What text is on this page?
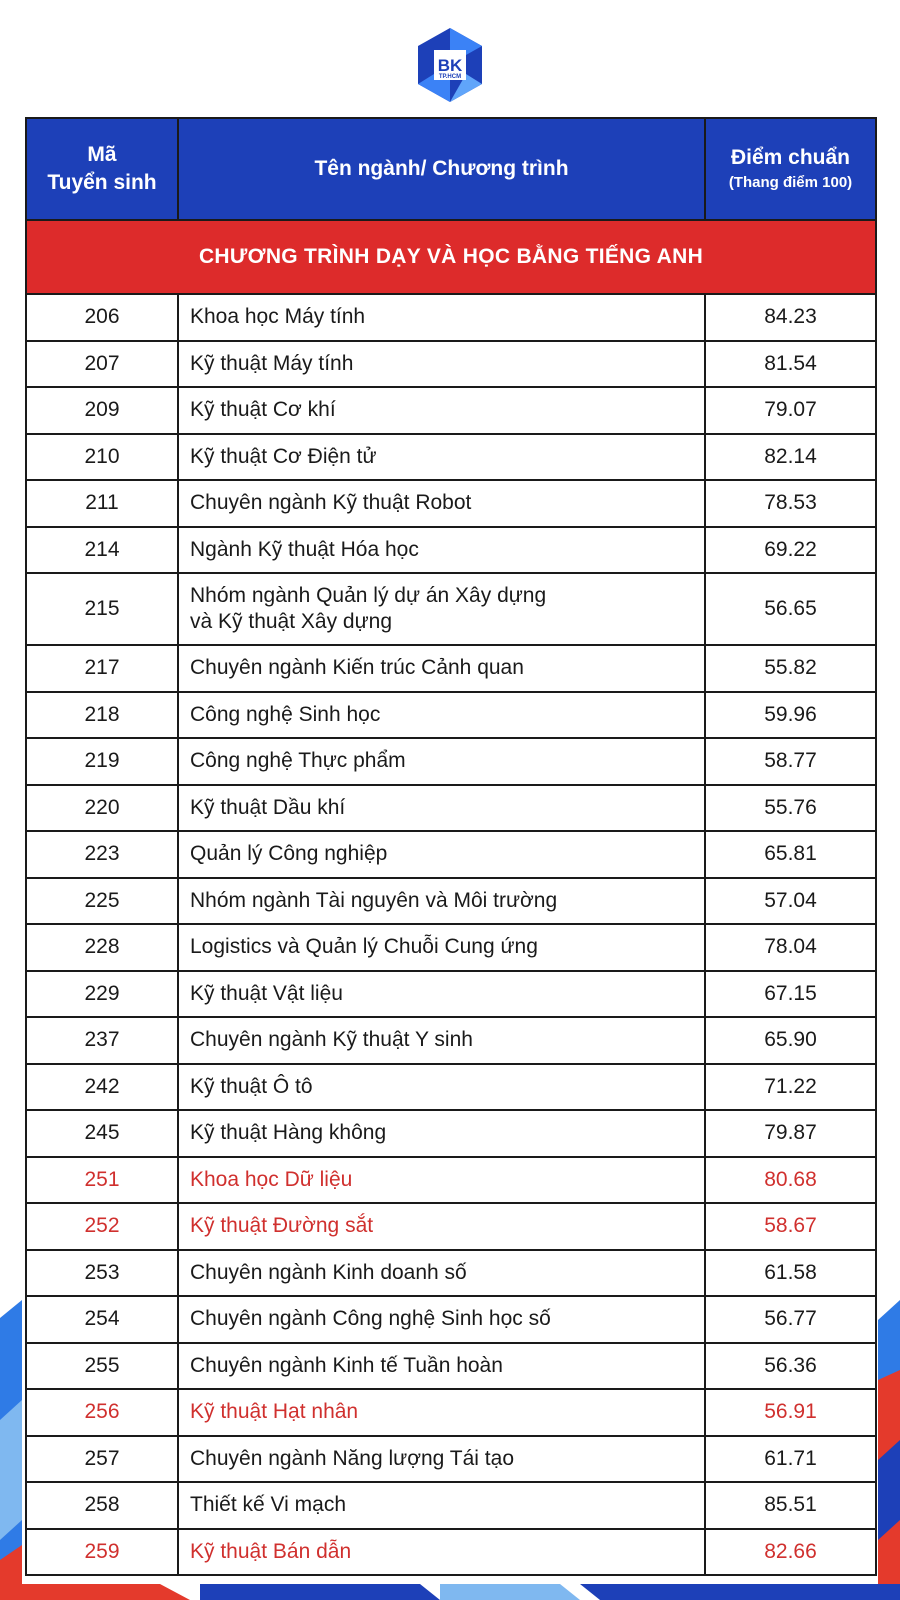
BK
TP.HCM
Mã
Tuyển sinh	Tên ngành/ Chương trình	Điểm chuẩn
(Thang điểm 100)

CHƯƠNG TRÌNH DẠY VÀ HỌC BẰNG TIẾNG ANH		
206	Khoa học Máy tính	84.23
207	Kỹ thuật Máy tính	81.54
209	Kỹ thuật Cơ khí	79.07
210	Kỹ thuật Cơ Điện tử	82.14
211	Chuyên ngành Kỹ thuật Robot	78.53
214	Ngành Kỹ thuật Hóa học	69.22
215	Nhóm ngành Quản lý dự án Xây dựng
và Kỹ thuật Xây dựng	56.65
217	Chuyên ngành Kiến trúc Cảnh quan	55.82
218	Công nghệ Sinh học	59.96
219	Công nghệ Thực phẩm	58.77
220	Kỹ thuật Dầu khí	55.76
223	Quản lý Công nghiệp	65.81
225	Nhóm ngành Tài nguyên và Môi trường	57.04
228	Logistics và Quản lý Chuỗi Cung ứng	78.04
229	Kỹ thuật Vật liệu	67.15
237	Chuyên ngành Kỹ thuật Y sinh	65.90
242	Kỹ thuật Ô tô	71.22
245	Kỹ thuật Hàng không	79.87
251	Khoa học Dữ liệu	80.68
252	Kỹ thuật Đường sắt	58.67
253	Chuyên ngành Kinh doanh số	61.58
254	Chuyên ngành Công nghệ Sinh học số	56.77
255	Chuyên ngành Kinh tế Tuần hoàn	56.36
256	Kỹ thuật Hạt nhân	56.91
257	Chuyên ngành Năng lượng Tái tạo	61.71
258	Thiết kế Vi mạch	85.51
259	Kỹ thuật Bán dẫn	82.66
